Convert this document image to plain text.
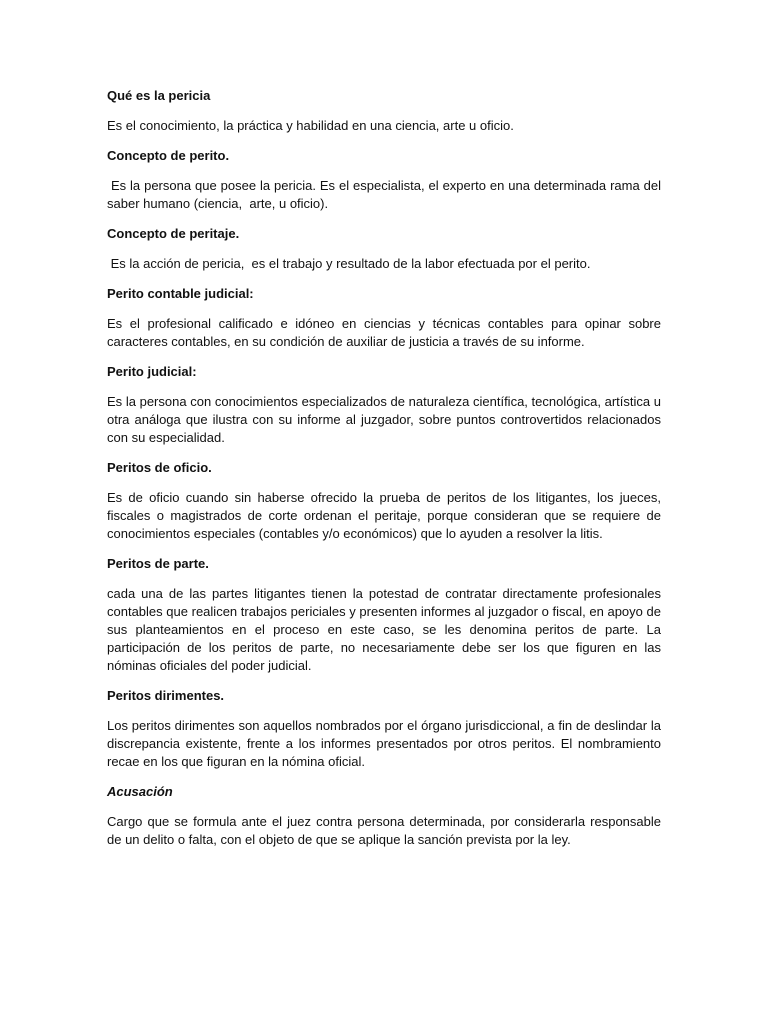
Qué es la pericia
Es el conocimiento, la práctica y habilidad en una ciencia, arte u oficio.
Concepto de perito.
Es la persona que posee la pericia. Es el especialista, el experto en una determinada rama del saber humano (ciencia,  arte, u oficio).
Concepto de peritaje.
Es la acción de pericia,  es el trabajo y resultado de la labor efectuada por el perito.
Perito contable judicial:
Es el profesional calificado e idóneo en ciencias y técnicas contables para opinar sobre caracteres contables, en su condición de auxiliar de justicia a través de su informe.
Perito judicial:
Es la persona con conocimientos especializados de naturaleza científica, tecnológica, artística u otra análoga que ilustra con su informe al juzgador, sobre puntos controvertidos relacionados con su especialidad.
Peritos de oficio.
Es de oficio cuando sin haberse ofrecido la prueba de peritos de los litigantes, los jueces, fiscales o magistrados de corte ordenan el peritaje, porque consideran que se requiere de conocimientos especiales (contables y/o económicos) que lo ayuden a resolver la litis.
Peritos de parte.
cada una de las partes litigantes tienen la potestad de contratar directamente profesionales contables que realicen trabajos periciales y presenten informes al juzgador o fiscal, en apoyo de sus planteamientos en el proceso en este caso, se les denomina peritos de parte. La participación de los peritos de parte, no necesariamente debe ser los que figuren en las nóminas oficiales del poder judicial.
Peritos dirimentes.
Los peritos dirimentes son aquellos nombrados por el órgano jurisdiccional, a fin de deslindar la discrepancia existente, frente a los informes presentados por otros peritos. El nombramiento recae en los que figuran en la nómina oficial.
Acusación
Cargo que se formula ante el juez contra persona determinada, por considerarla responsable de un delito o falta, con el objeto de que se aplique la sanción prevista por la ley.
